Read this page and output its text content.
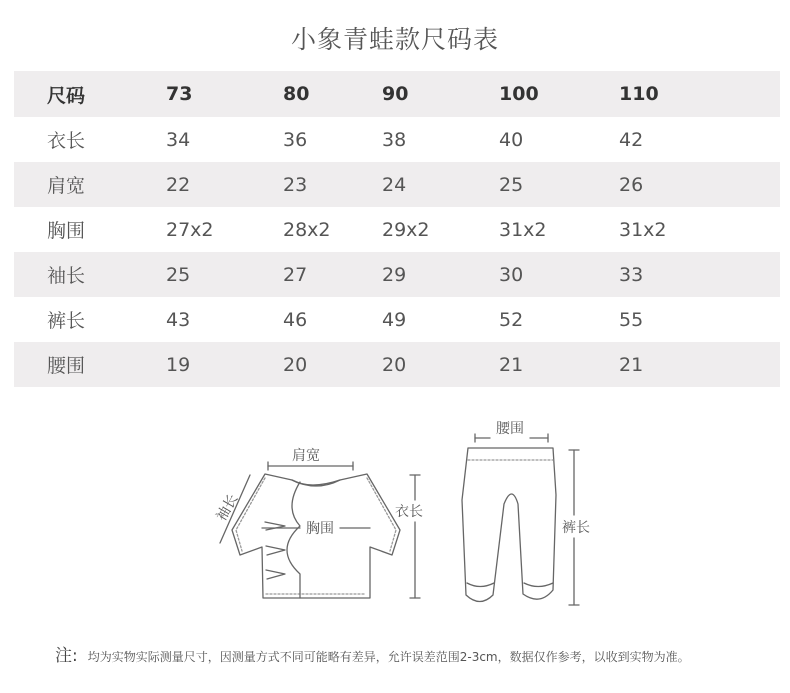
小象青蛙款尺码表
尺码	73	80	90	100	110
衣长	34	36	38	40	42
肩宽	22	23	24	25	26
胸围	27x2	28x2	29x2	31x2	31x2
袖长	25	27	29	30	33
裤长	43	46	49	52	55
腰围	19	20	20	21	21
肩宽
胸围
衣长
袖长
腰围
裤长
注: 均为实物实际测量尺寸，因测量方式不同可能略有差异，允许误差范围2-3cm，数据仅作参考，以收到实物为准。
